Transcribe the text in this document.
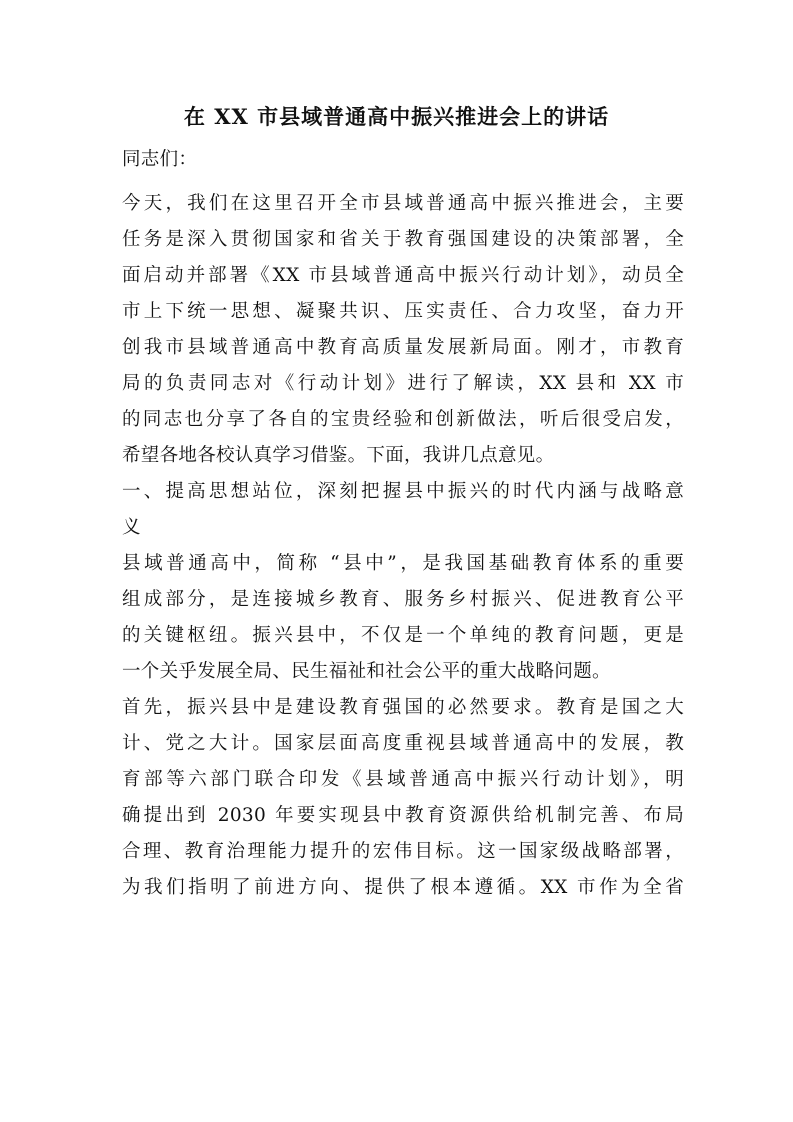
在 XX 市县域普通高中振兴推进会上的讲话
同志们：
今天，我们在这里召开全市县域普通高中振兴推进会，主要
任务是深入贯彻国家和省关于教育强国建设的决策部署，全
面启动并部署《XX 市县域普通高中振兴行动计划》，动员全
市上下统一思想、凝聚共识、压实责任、合力攻坚，奋力开
创我市县域普通高中教育高质量发展新局面。刚才，市教育
局的负责同志对《行动计划》进行了解读，XX 县和 XX 市
的同志也分享了各自的宝贵经验和创新做法，听后很受启发，
希望各地各校认真学习借鉴。下面，我讲几点意见。
一、提高思想站位，深刻把握县中振兴的时代内涵与战略意
义
县域普通高中，简称 “县中”，是我国基础教育体系的重要
组成部分，是连接城乡教育、服务乡村振兴、促进教育公平
的关键枢纽。振兴县中，不仅是一个单纯的教育问题，更是
一个关乎发展全局、民生福祉和社会公平的重大战略问题。
首先，振兴县中是建设教育强国的必然要求。教育是国之大
计、党之大计。国家层面高度重视县域普通高中的发展，教
育部等六部门联合印发《县域普通高中振兴行动计划》，明
确提出到 2030 年要实现县中教育资源供给机制完善、布局
合理、教育治理能力提升的宏伟目标。这一国家级战略部署，
为我们指明了前进方向、提供了根本遵循。XX 市作为全省
